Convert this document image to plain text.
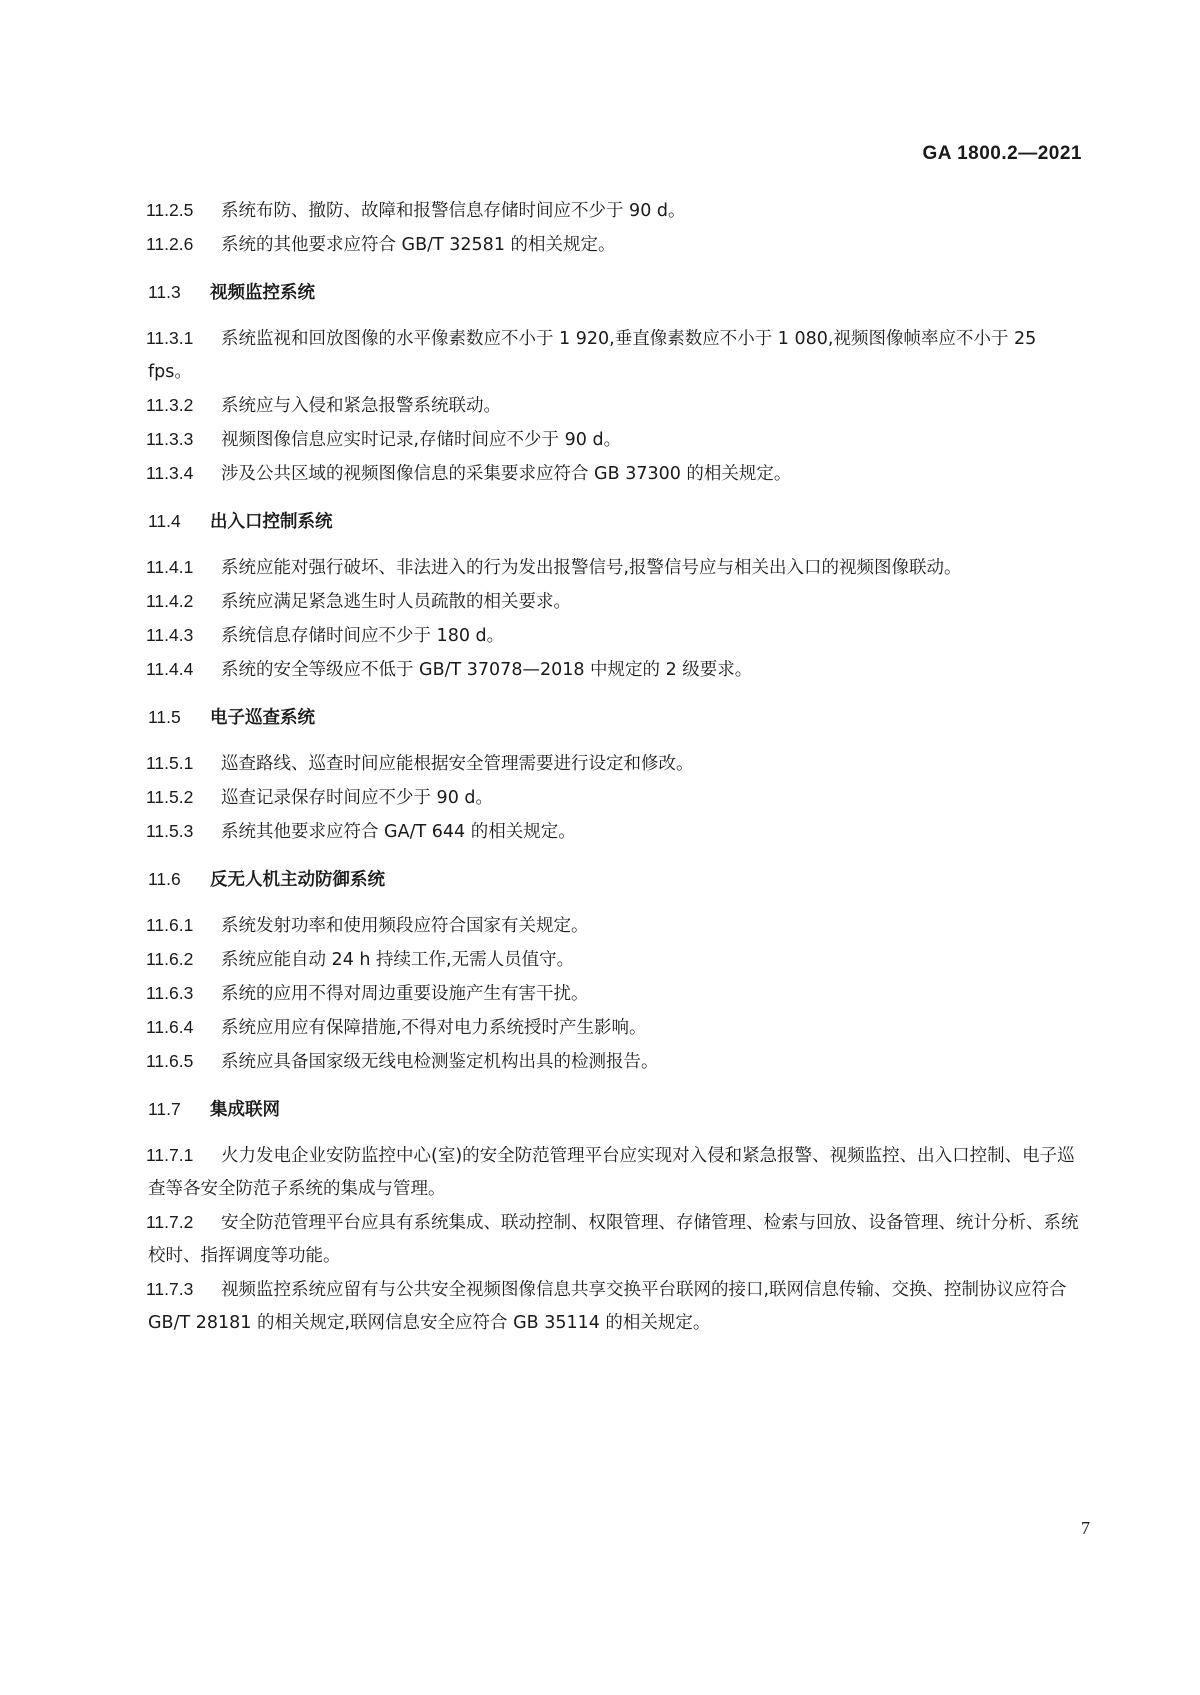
GA 1800.2—2021

11.2.5 系统布防、撤防、故障和报警信息存储时间应不少于 90 d。

11.2.6 系统的其他要求应符合 GB/T 32581 的相关规定。

11.3 视频监控系统

11.3.1 系统监视和回放图像的水平像素数应不小于 1 920,垂直像素数应不小于 1 080,视频图像帧率应不小于 25 fps。

11.3.2 系统应与入侵和紧急报警系统联动。

11.3.3 视频图像信息应实时记录,存储时间应不少于 90 d。

11.3.4 涉及公共区域的视频图像信息的采集要求应符合 GB 37300 的相关规定。

11.4 出入口控制系统

11.4.1 系统应能对强行破坏、非法进入的行为发出报警信号,报警信号应与相关出入口的视频图像联动。

11.4.2 系统应满足紧急逃生时人员疏散的相关要求。

11.4.3 系统信息存储时间应不少于 180 d。

11.4.4 系统的安全等级应不低于 GB/T 37078—2018 中规定的 2 级要求。

11.5 电子巡查系统

11.5.1 巡查路线、巡查时间应能根据安全管理需要进行设定和修改。

11.5.2 巡查记录保存时间应不少于 90 d。

11.5.3 系统其他要求应符合 GA/T 644 的相关规定。

11.6 反无人机主动防御系统

11.6.1 系统发射功率和使用频段应符合国家有关规定。

11.6.2 系统应能自动 24 h 持续工作,无需人员值守。

11.6.3 系统的应用不得对周边重要设施产生有害干扰。

11.6.4 系统应用应有保障措施,不得对电力系统授时产生影响。

11.6.5 系统应具备国家级无线电检测鉴定机构出具的检测报告。

11.7 集成联网

11.7.1 火力发电企业安防监控中心(室)的安全防范管理平台应实现对入侵和紧急报警、视频监控、出入口控制、电子巡查等各安全防范子系统的集成与管理。

11.7.2 安全防范管理平台应具有系统集成、联动控制、权限管理、存储管理、检索与回放、设备管理、统计分析、系统校时、指挥调度等功能。

11.7.3 视频监控系统应留有与公共安全视频图像信息共享交换平台联网的接口,联网信息传输、交换、控制协议应符合 GB/T 28181 的相关规定,联网信息安全应符合 GB 35114 的相关规定。

7
